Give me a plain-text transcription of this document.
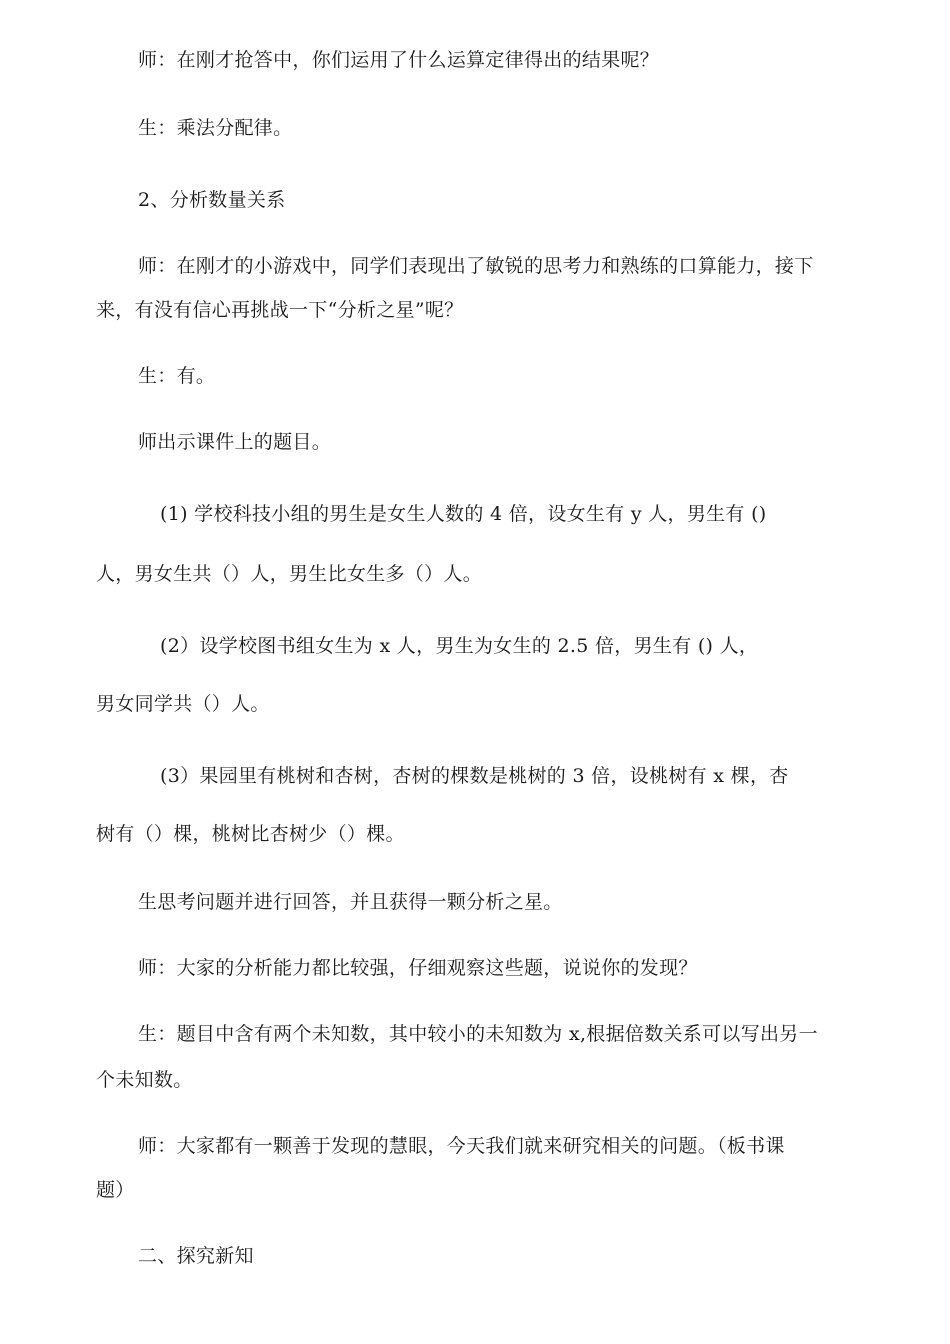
师：在刚才抢答中，你们运用了什么运算定律得出的结果呢？
生：乘法分配律。
2、分析数量关系
师：在刚才的小游戏中，同学们表现出了敏锐的思考力和熟练的口算能力，接下
来，有没有信心再挑战一下“分析之星”呢？
生：有。
师出示课件上的题目。
(1) 学校科技小组的男生是女生人数的 4 倍，设女生有 y 人，男生有 ()
人，男女生共（）人，男生比女生多（）人。
(2）设学校图书组女生为 x 人，男生为女生的 2.5 倍，男生有 () 人，
男女同学共（）人。
(3）果园里有桃树和杏树，杏树的棵数是桃树的 3 倍，设桃树有 x 棵，杏
树有（）棵，桃树比杏树少（）棵。
生思考问题并进行回答，并且获得一颗分析之星。
师：大家的分析能力都比较强，仔细观察这些题，说说你的发现？
生：题目中含有两个未知数，其中较小的未知数为 x,根据倍数关系可以写出另一
个未知数。
师：大家都有一颗善于发现的慧眼，今天我们就来研究相关的问题。（板书课
题）
二、探究新知
